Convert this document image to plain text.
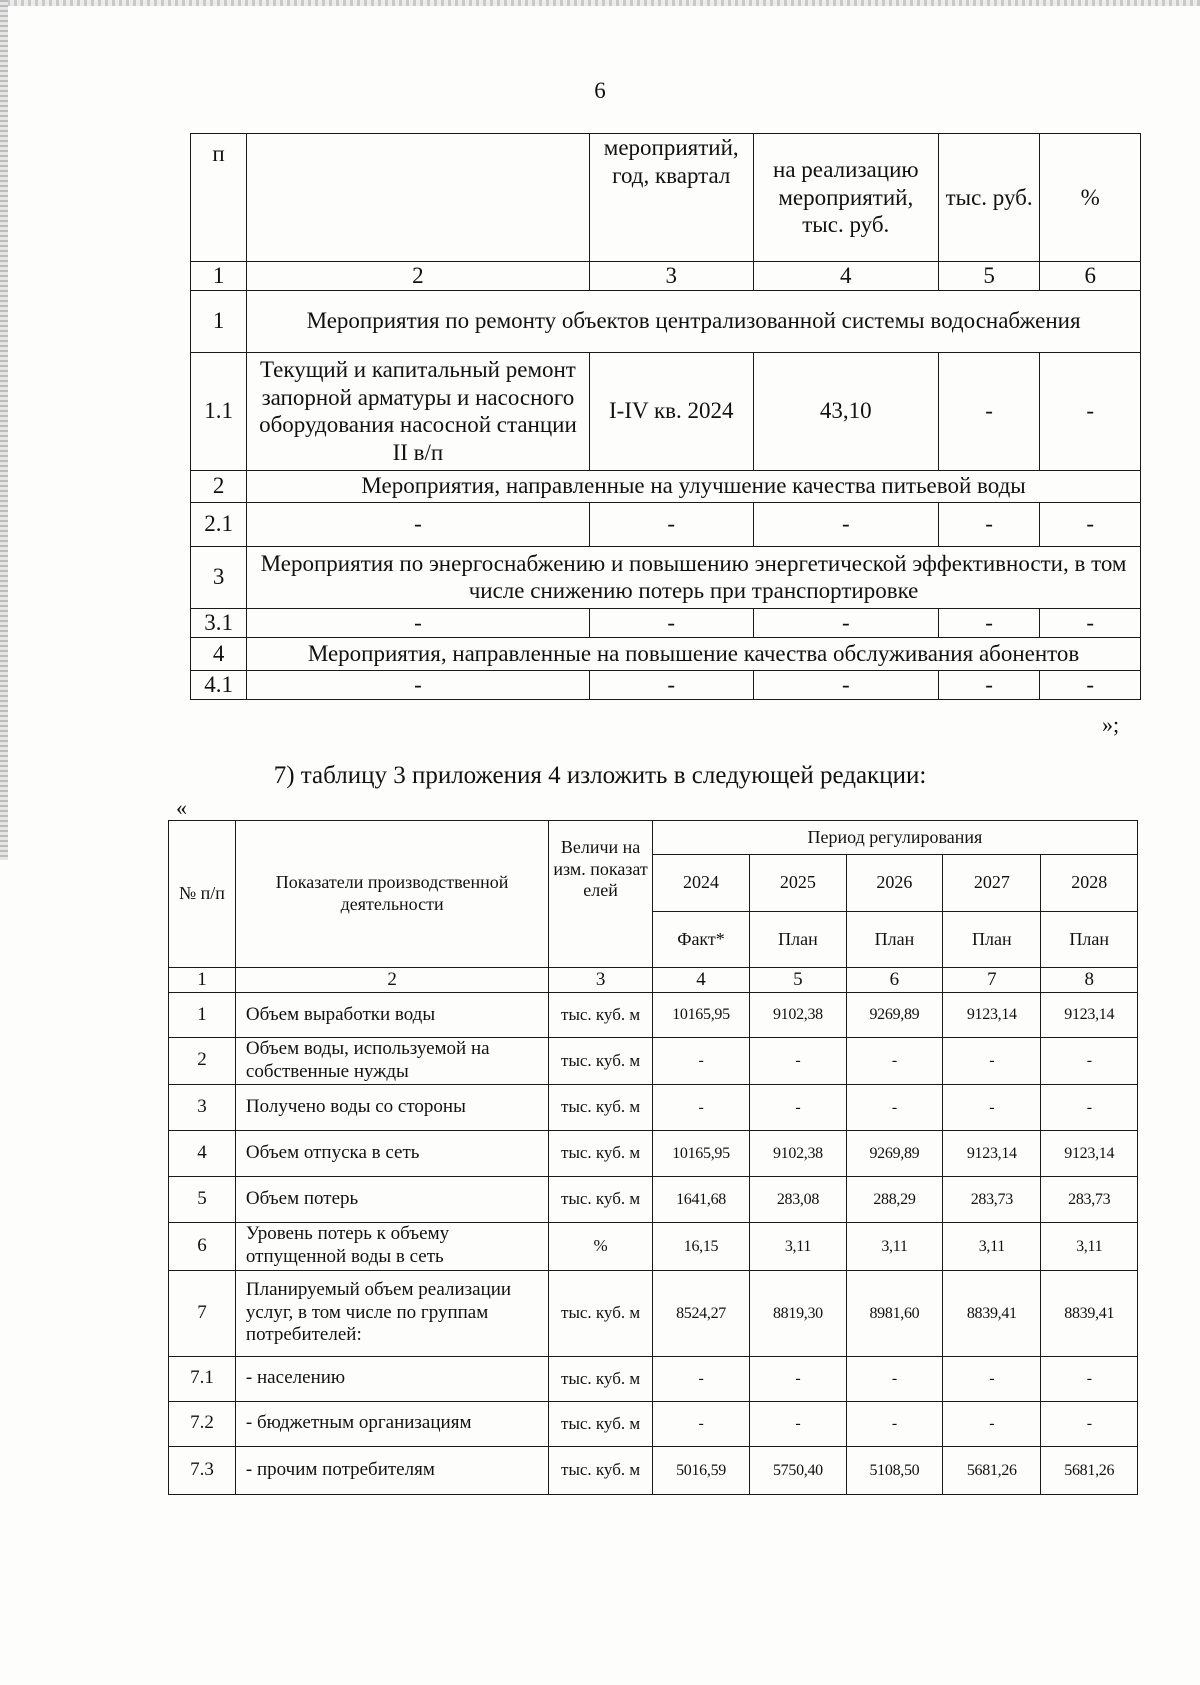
6
п		мероприятий, год, квартал	на реализацию мероприятий, тыс. руб.	тыс. руб.	%
1	2	3	4	5	6
1	Мероприятия по ремонту объектов централизованной системы водоснабжения				
1.1	Текущий и капитальный ремонт запорной арматуры и насосного оборудования насосной станции II в/п	I-IV кв. 2024	43,10	-	-
2	Мероприятия, направленные на улучшение качества питьевой воды				
2.1	-	-	-	-	-
3	Мероприятия по энергоснабжению и повышению энергетической эффективности, в том числе снижению потерь при транспортировке				
3.1	-	-	-	-	-
4	Мероприятия, направленные на повышение качества обслуживания абонентов				
4.1	-	-	-	-	-
»;
7) таблицу 3 приложения 4 изложить в следующей редакции:
«
№ п/п	Показатели производственной деятельности	Величи на изм. показат елей	Период регулирования				
			2024	2025	2026	2027	2028
			Факт*	План	План	План	План
1	2	3	4	5	6	7	8
1	Объем выработки воды	тыс. куб. м	10165,95	9102,38	9269,89	9123,14	9123,14
2	Объем воды, используемой на собственные нужды	тыс. куб. м	-	-	-	-	-
3	Получено воды со стороны	тыс. куб. м	-	-	-	-	-
4	Объем отпуска в сеть	тыс. куб. м	10165,95	9102,38	9269,89	9123,14	9123,14
5	Объем потерь	тыс. куб. м	1641,68	283,08	288,29	283,73	283,73
6	Уровень потерь к объему отпущенной воды в сеть	%	16,15	3,11	3,11	3,11	3,11
7	Планируемый объем реализации услуг, в том числе по группам потребителей:	тыс. куб. м	8524,27	8819,30	8981,60	8839,41	8839,41
7.1	- населению	тыс. куб. м	-	-	-	-	-
7.2	- бюджетным организациям	тыс. куб. м	-	-	-	-	-
7.3	- прочим потребителям	тыс. куб. м	5016,59	5750,40	5108,50	5681,26	5681,26
